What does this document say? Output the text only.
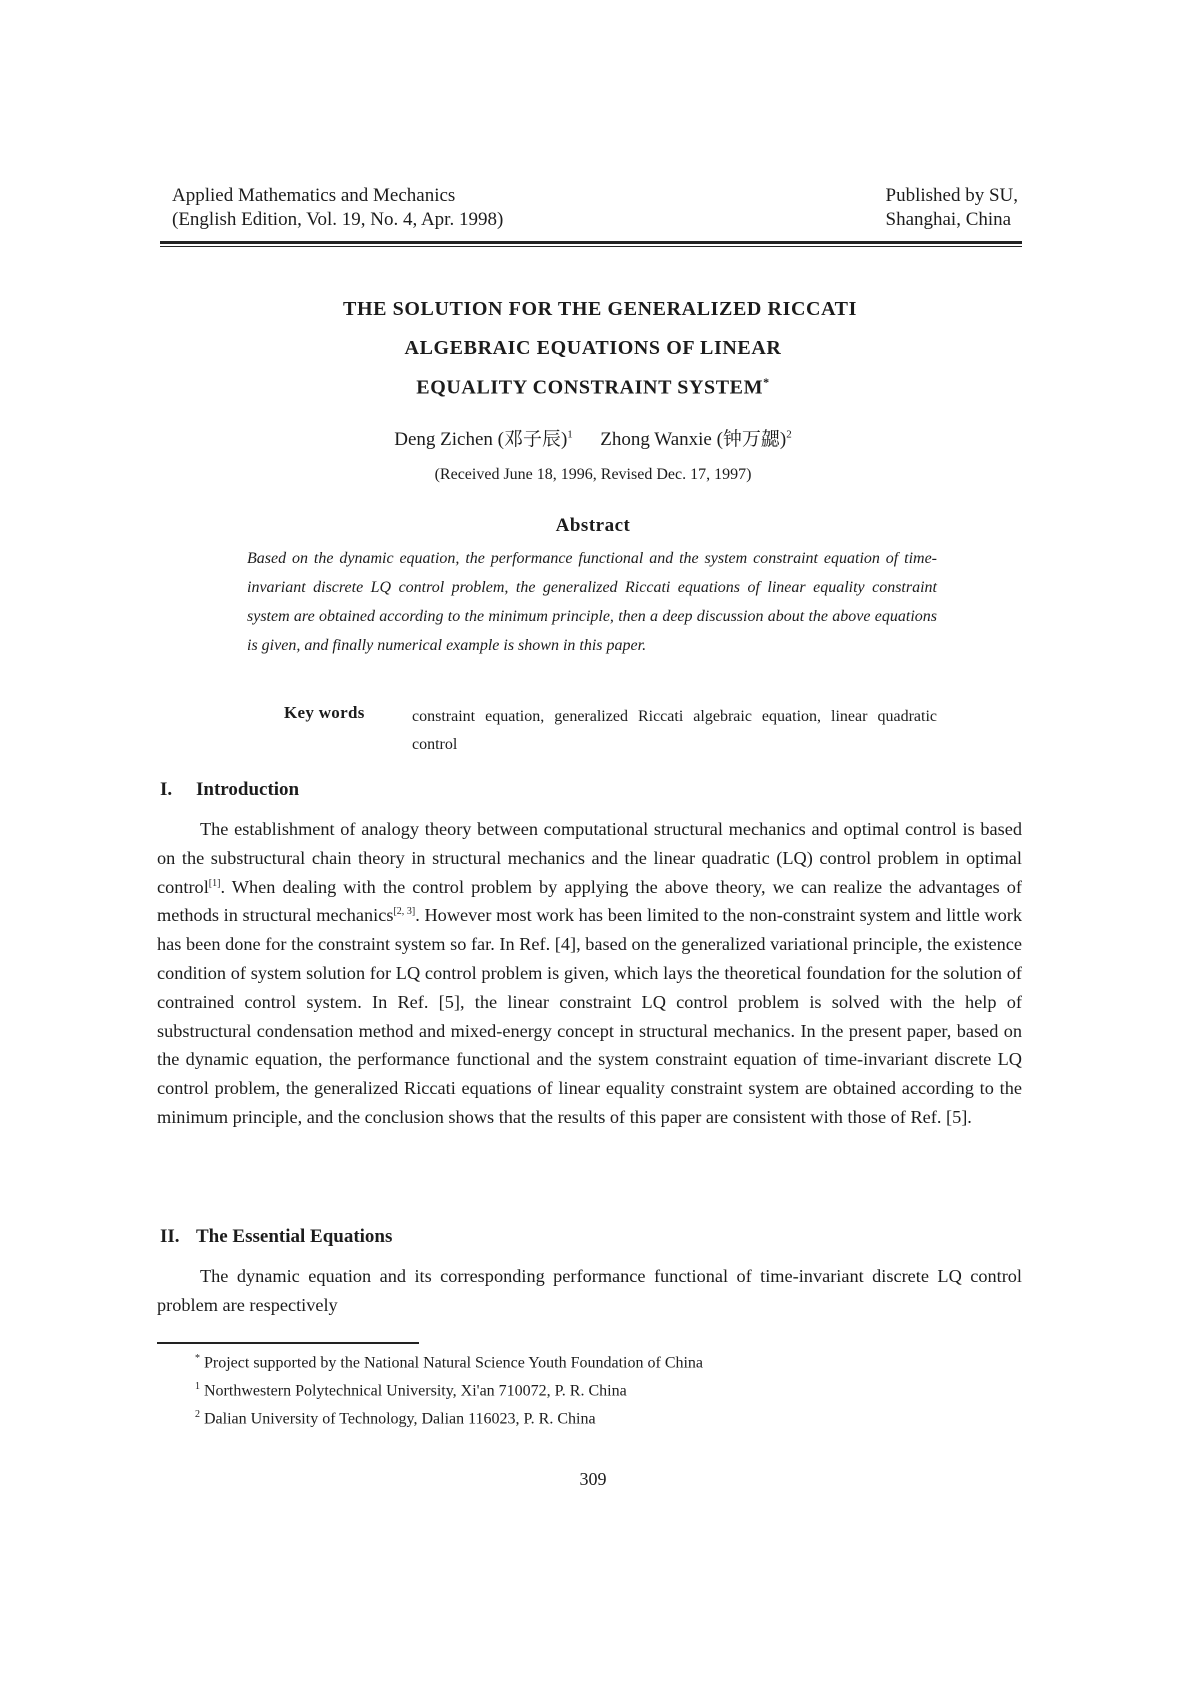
Applied Mathematics and Mechanics
(English Edition, Vol. 19, No. 4, Apr. 1998)
Published by SU,
Shanghai, China
THE SOLUTION FOR THE GENERALIZED RICCATI
ALGEBRAIC EQUATIONS OF LINEAR
EQUALITY CONSTRAINT SYSTEM*
Deng Zichen (邓子辰)$^1$ Zhong Wanxie (钟万勰)$^2$
(Received June 18, 1996, Revised Dec. 17, 1997)
Abstract
Based on the dynamic equation, the performance functional and the system constraint equation of time-invariant discrete LQ control problem, the generalized Riccati equations of linear equality constraint system are obtained according to the minimum principle, then a deep discussion about the above equations is given, and finally numerical example is shown in this paper.
Key words	constraint equation, generalized Riccati algebraic equation, linear quadratic control
I. Introduction
The establishment of analogy theory between computational structural mechanics and optimal control is based on the substructural chain theory in structural mechanics and the linear quadratic (LQ) control problem in optimal control[1]. When dealing with the control problem by applying the above theory, we can realize the advantages of methods in structural mechanics[2, 3]. However most work has been limited to the non-constraint system and little work has been done for the constraint system so far. In Ref. [4], based on the generalized variational principle, the existence condition of system solution for LQ control problem is given, which lays the theoretical foundation for the solution of contrained control system. In Ref. [5], the linear constraint LQ control problem is solved with the help of substructural condensation method and mixed-energy concept in structural mechanics. In the present paper, based on the dynamic equation, the performance functional and the system constraint equation of time-invariant discrete LQ control problem, the generalized Riccati equations of linear equality constraint system are obtained according to the minimum principle, and the conclusion shows that the results of this paper are consistent with those of Ref. [5].
II. The Essential Equations
The dynamic equation and its corresponding performance functional of time-invariant discrete LQ control problem are respectively
* Project supported by the National Natural Science Youth Foundation of China
$^1$ Northwestern Polytechnical University, Xi'an 710072, P. R. China
$^2$ Dalian University of Technology, Dalian 116023, P. R. China
309
